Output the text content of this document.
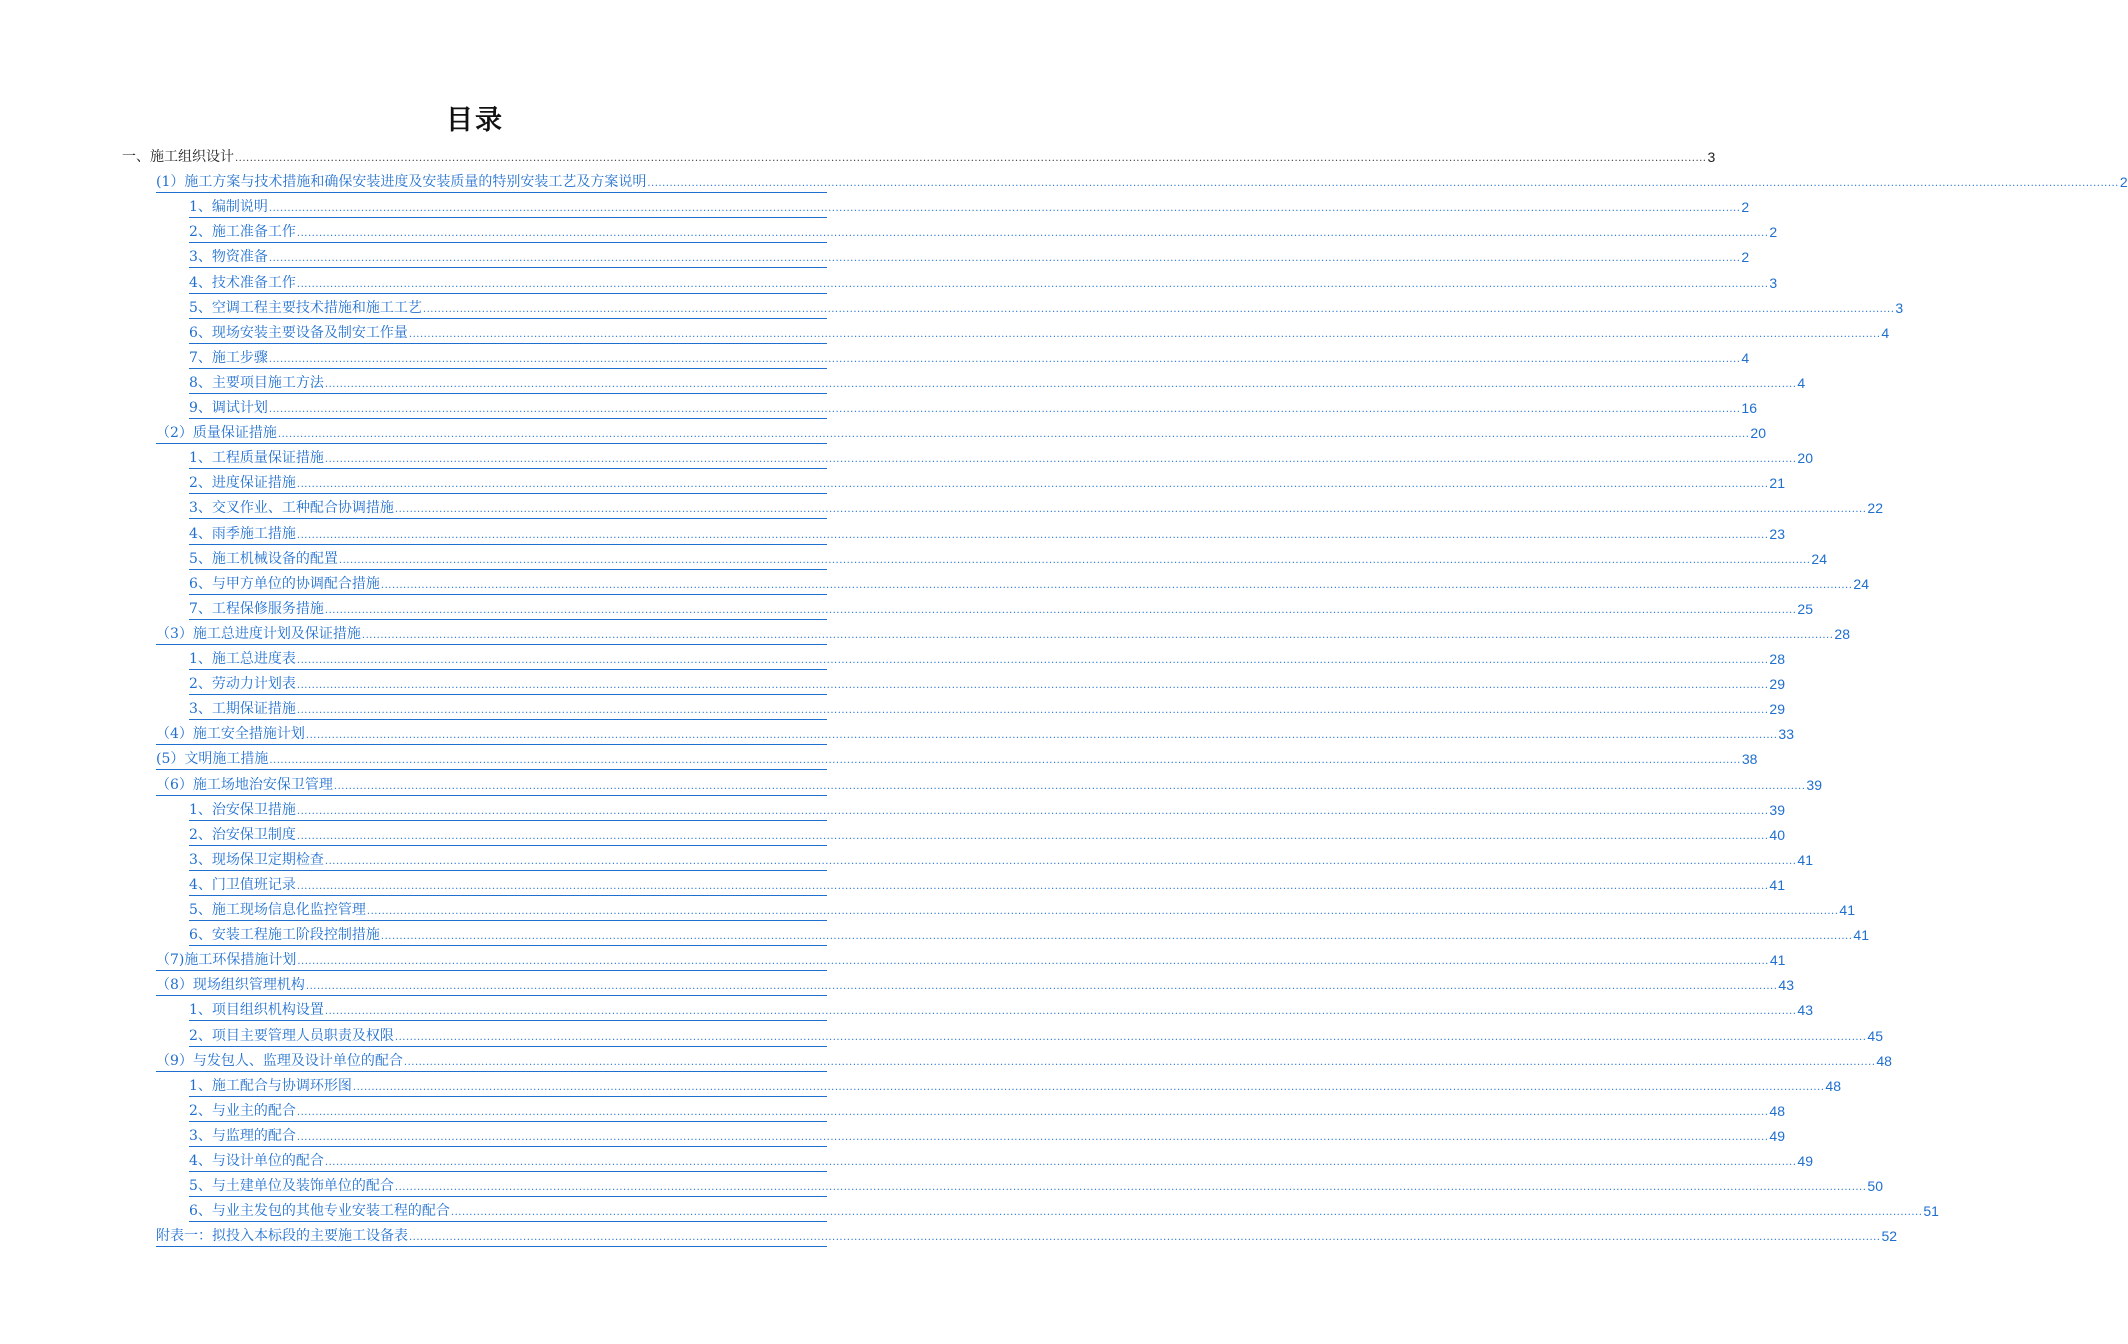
目录
一、施工组织设计 ................................................................................................................................................................................................................................................................................................................................................................................................................ 3
(1）施工方案与技术措施和确保安装进度及安装质量的特别安装工艺及方案说明 ................................................................................................................................................................................................................................................................................................................................................................................................................ 2
1、编制说明 ................................................................................................................................................................................................................................................................................................................................................................................................................ 2
2、施工准备工作 ................................................................................................................................................................................................................................................................................................................................................................................................................ 2
3、物资准备 ................................................................................................................................................................................................................................................................................................................................................................................................................ 2
4、技术准备工作 ................................................................................................................................................................................................................................................................................................................................................................................................................ 3
5、空调工程主要技术措施和施工工艺 ................................................................................................................................................................................................................................................................................................................................................................................................................ 3
6、现场安装主要设备及制安工作量 ................................................................................................................................................................................................................................................................................................................................................................................................................ 4
7、施工步骤 ................................................................................................................................................................................................................................................................................................................................................................................................................ 4
8、主要项目施工方法 ................................................................................................................................................................................................................................................................................................................................................................................................................ 4
9、调试计划 ................................................................................................................................................................................................................................................................................................................................................................................................................ 16
（2）质量保证措施 ................................................................................................................................................................................................................................................................................................................................................................................................................ 20
1、工程质量保证措施 ................................................................................................................................................................................................................................................................................................................................................................................................................ 20
2、进度保证措施 ................................................................................................................................................................................................................................................................................................................................................................................................................ 21
3、交叉作业、工种配合协调措施 ................................................................................................................................................................................................................................................................................................................................................................................................................ 22
4、雨季施工措施 ................................................................................................................................................................................................................................................................................................................................................................................................................ 23
5、施工机械设备的配置 ................................................................................................................................................................................................................................................................................................................................................................................................................ 24
6、与甲方单位的协调配合措施 ................................................................................................................................................................................................................................................................................................................................................................................................................ 24
7、工程保修服务措施 ................................................................................................................................................................................................................................................................................................................................................................................................................ 25
（3）施工总进度计划及保证措施 ................................................................................................................................................................................................................................................................................................................................................................................................................ 28
1、施工总进度表 ................................................................................................................................................................................................................................................................................................................................................................................................................ 28
2、劳动力计划表 ................................................................................................................................................................................................................................................................................................................................................................................................................ 29
3、工期保证措施 ................................................................................................................................................................................................................................................................................................................................................................................................................ 29
（4）施工安全措施计划 ................................................................................................................................................................................................................................................................................................................................................................................................................ 33
(5）文明施工措施 ................................................................................................................................................................................................................................................................................................................................................................................................................ 38
（6）施工场地治安保卫管理 ................................................................................................................................................................................................................................................................................................................................................................................................................ 39
1、治安保卫措施 ................................................................................................................................................................................................................................................................................................................................................................................................................ 39
2、治安保卫制度 ................................................................................................................................................................................................................................................................................................................................................................................................................ 40
3、现场保卫定期检查 ................................................................................................................................................................................................................................................................................................................................................................................................................ 41
4、门卫值班记录 ................................................................................................................................................................................................................................................................................................................................................................................................................ 41
5、施工现场信息化监控管理 ................................................................................................................................................................................................................................................................................................................................................................................................................ 41
6、安装工程施工阶段控制措施 ................................................................................................................................................................................................................................................................................................................................................................................................................ 41
（7)施工环保措施计划 ................................................................................................................................................................................................................................................................................................................................................................................................................ 41
（8）现场组织管理机构 ................................................................................................................................................................................................................................................................................................................................................................................................................ 43
1、项目组织机构设置 ................................................................................................................................................................................................................................................................................................................................................................................................................ 43
2、项目主要管理人员职责及权限 ................................................................................................................................................................................................................................................................................................................................................................................................................ 45
（9）与发包人、监理及设计单位的配合 ................................................................................................................................................................................................................................................................................................................................................................................................................ 48
1、施工配合与协调环形图 ................................................................................................................................................................................................................................................................................................................................................................................................................ 48
2、与业主的配合 ................................................................................................................................................................................................................................................................................................................................................................................................................ 48
3、与监理的配合 ................................................................................................................................................................................................................................................................................................................................................................................................................ 49
4、与设计单位的配合 ................................................................................................................................................................................................................................................................................................................................................................................................................ 49
5、与土建单位及装饰单位的配合 ................................................................................................................................................................................................................................................................................................................................................................................................................ 50
6、与业主发包的其他专业安装工程的配合 ................................................................................................................................................................................................................................................................................................................................................................................................................ 51
附表一：拟投入本标段的主要施工设备表 ................................................................................................................................................................................................................................................................................................................................................................................................................ 52
